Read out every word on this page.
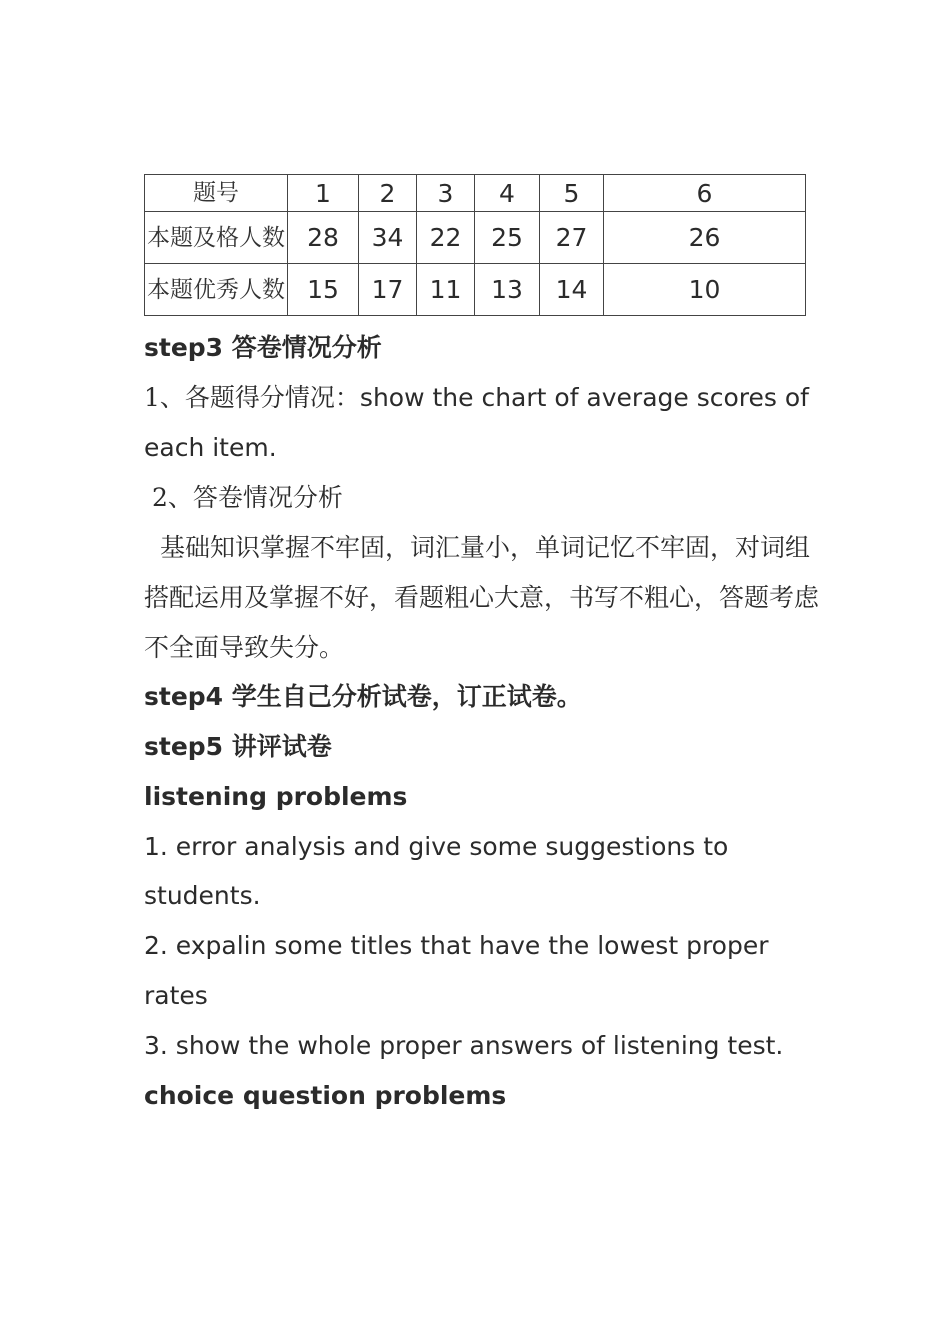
题号	1	2	3	4	5	6
本题及格人数	28	34	22	25	27	26
本题优秀人数	15	17	11	13	14	10
step3 答卷情况分析
1、各题得分情况：show the chart of average scores of
each item.
2、答卷情况分析
基础知识掌握不牢固，词汇量小，单词记忆不牢固，对词组
搭配运用及掌握不好，看题粗心大意，书写不粗心，答题考虑
不全面导致失分。
step4 学生自己分析试卷，订正试卷。
step5 讲评试卷
listening problems
1. error analysis and give some suggestions to
students.
2. expalin some titles that have the lowest proper
rates
3. show the whole proper answers of listening test.
choice question problems
